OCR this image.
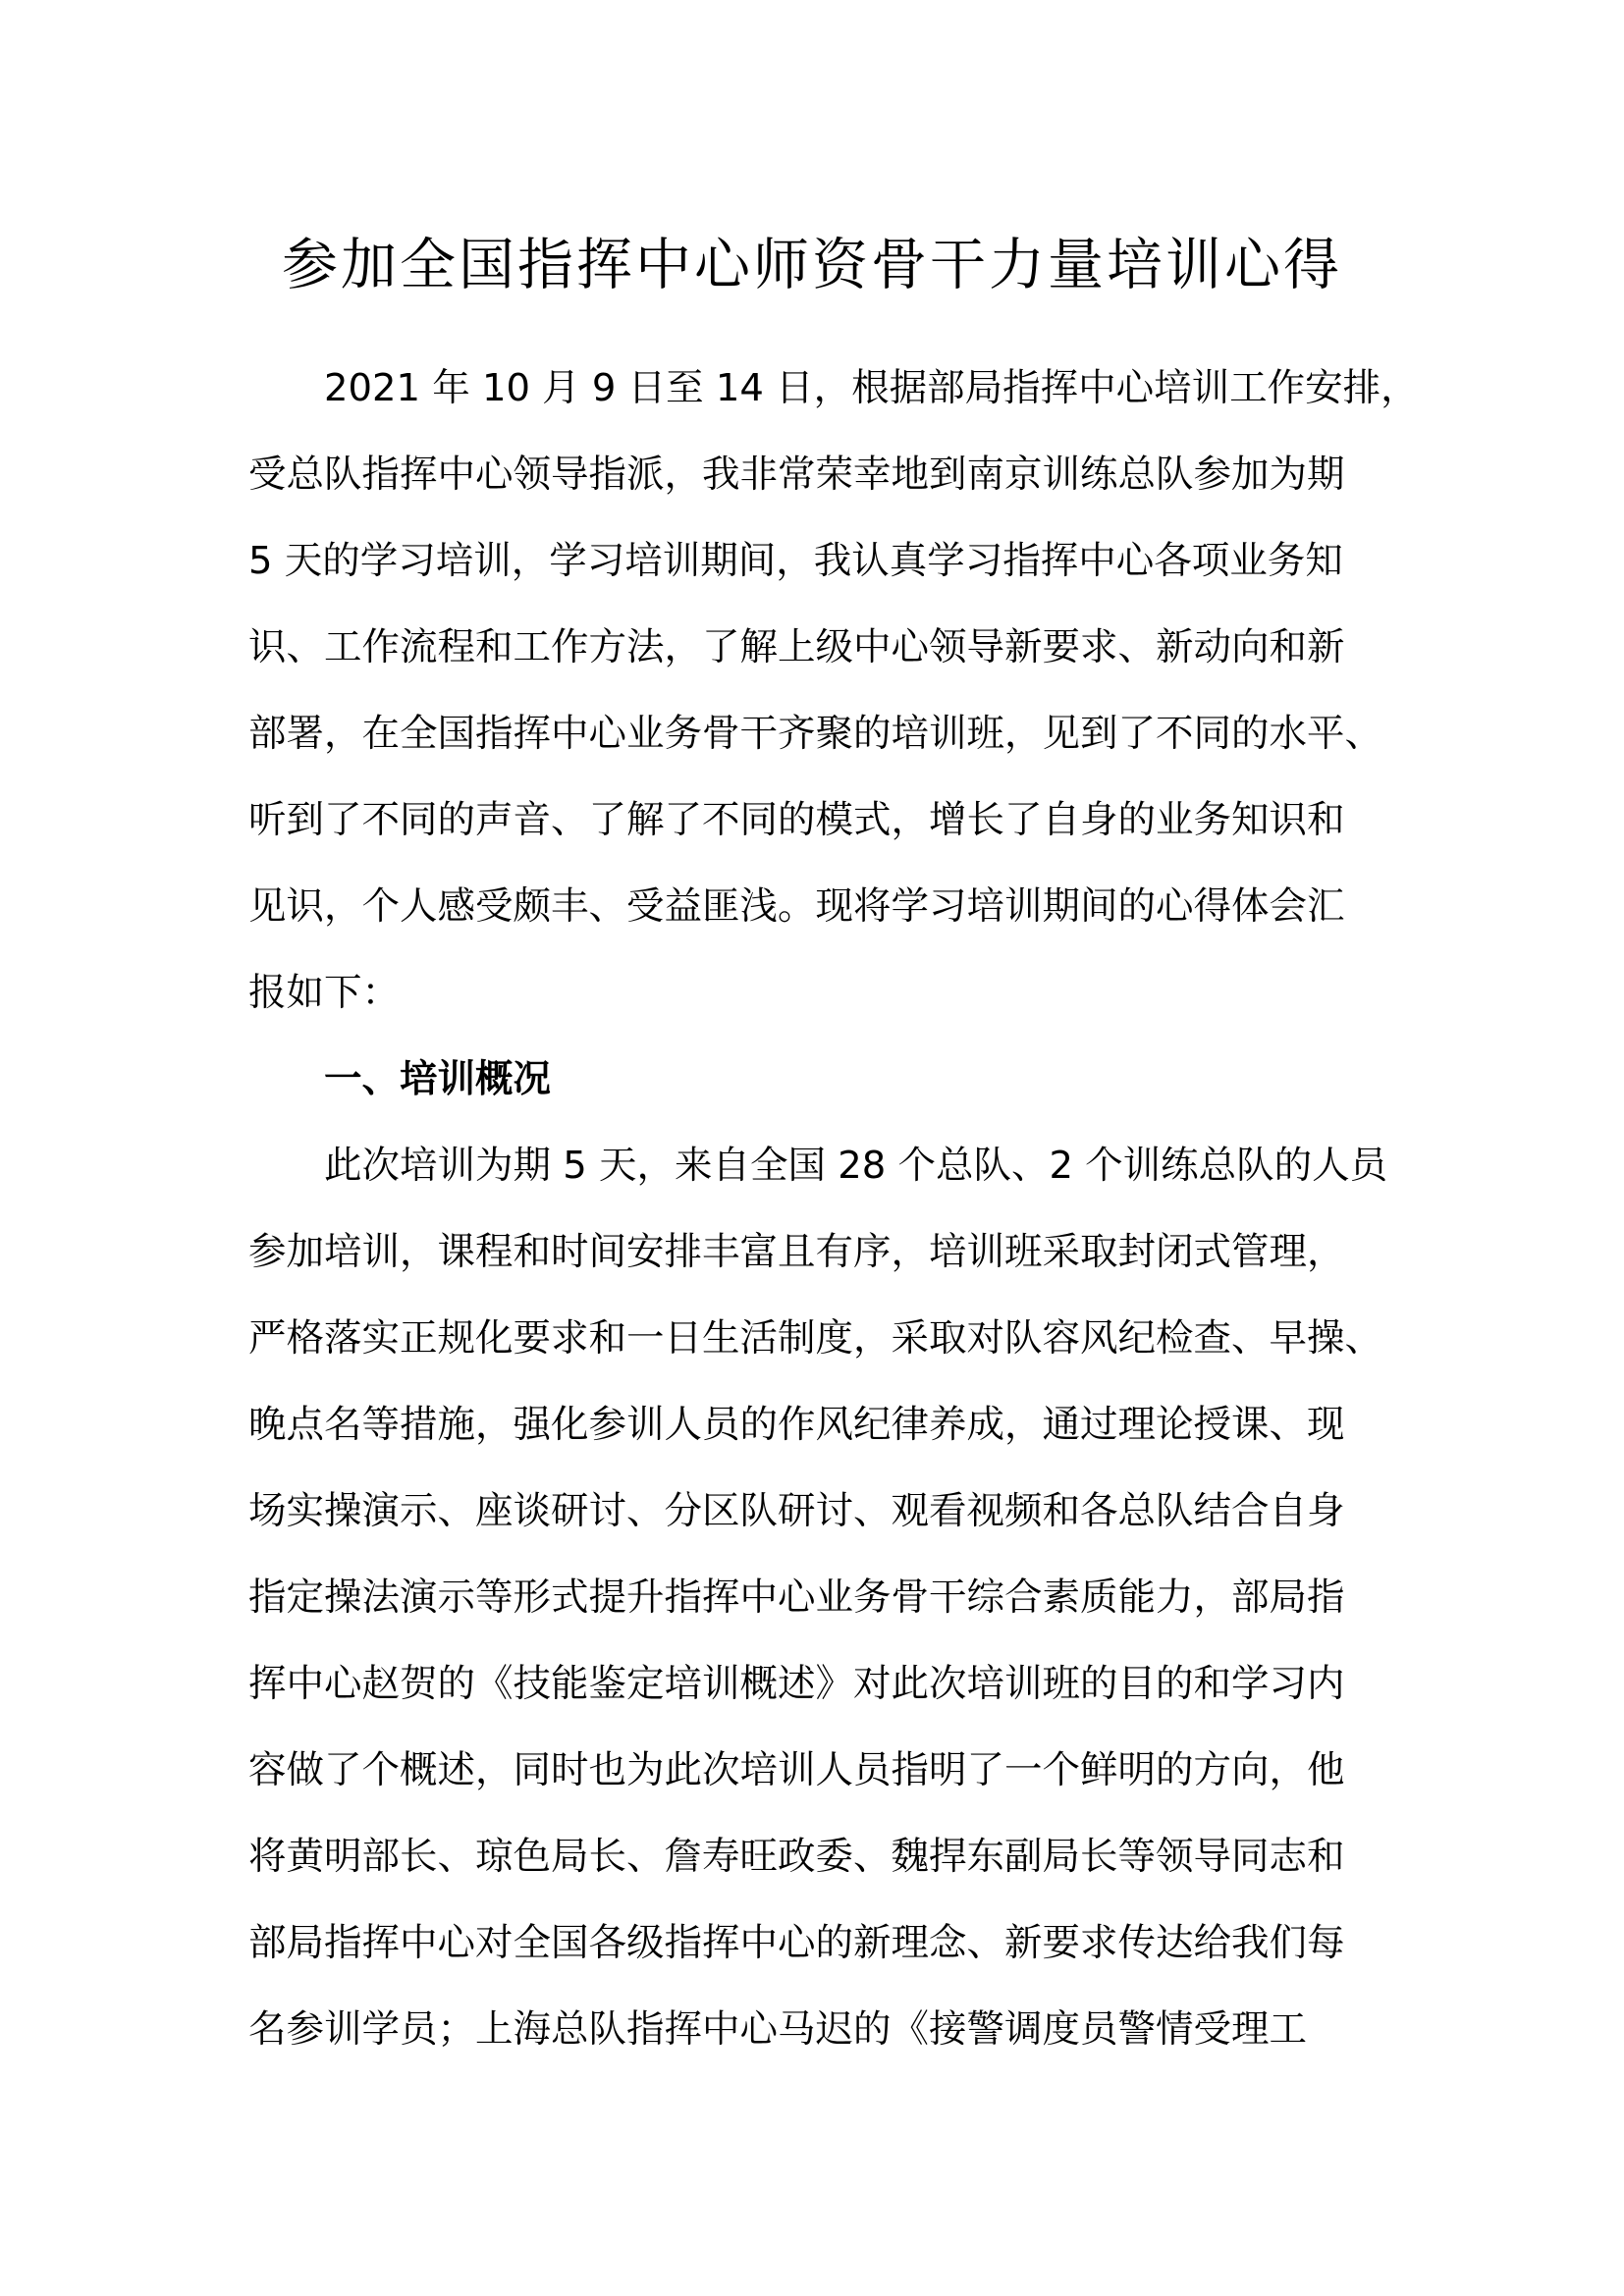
参加全国指挥中心师资骨干力量培训心得
2021 年 10 月 9 日至 14 日，根据部局指挥中心培训工作安排，
受总队指挥中心领导指派，我非常荣幸地到南京训练总队参加为期
5 天的学习培训，学习培训期间，我认真学习指挥中心各项业务知
识、工作流程和工作方法，了解上级中心领导新要求、新动向和新
部署，在全国指挥中心业务骨干齐聚的培训班，见到了不同的水平、
听到了不同的声音、了解了不同的模式，增长了自身的业务知识和
见识，个人感受颇丰、受益匪浅。现将学习培训期间的心得体会汇
报如下：
一、培训概况
此次培训为期 5 天，来自全国 28 个总队、2 个训练总队的人员
参加培训，课程和时间安排丰富且有序，培训班采取封闭式管理，
严格落实正规化要求和一日生活制度，采取对队容风纪检查、早操、
晚点名等措施，强化参训人员的作风纪律养成，通过理论授课、现
场实操演示、座谈研讨、分区队研讨、观看视频和各总队结合自身
指定操法演示等形式提升指挥中心业务骨干综合素质能力，部局指
挥中心赵贺的《技能鉴定培训概述》对此次培训班的目的和学习内
容做了个概述，同时也为此次培训人员指明了一个鲜明的方向，他
将黄明部长、琼色局长、詹寿旺政委、魏捍东副局长等领导同志和
部局指挥中心对全国各级指挥中心的新理念、新要求传达给我们每
名参训学员；上海总队指挥中心马迟的《接警调度员警情受理工
